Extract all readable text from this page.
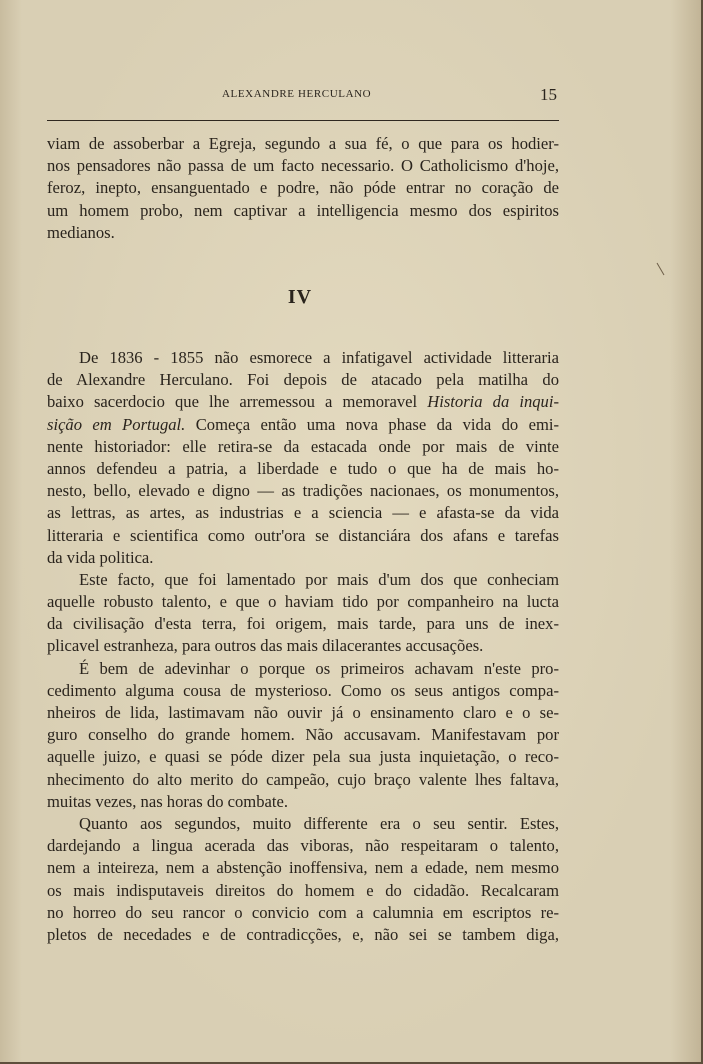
ALEXANDRE HERCULANO	15
viam de assoberbar a Egreja, segundo a sua fé, o que para os hodier-
nos pensadores não passa de um facto necessario. O Catholicismo d'hoje,
feroz, inepto, ensanguentado e podre, não póde entrar no coração de
um homem probo, nem captivar a intelligencia mesmo dos espiritos
medianos.
IV
De 1836 - 1855 não esmorece a infatigavel actividade litteraria
de Alexandre Herculano. Foi depois de atacado pela matilha do
baixo sacerdocio que lhe arremessou a memoravel Historia da inqui-
sição em Portugal. Começa então uma nova phase da vida do emi-
nente historiador: elle retira-se da estacada onde por mais de vinte
annos defendeu a patria, a liberdade e tudo o que ha de mais ho-
nesto, bello, elevado e digno — as tradições nacionaes, os monumentos,
as lettras, as artes, as industrias e a sciencia — e afasta-se da vida
litteraria e scientifica como outr'ora se distanciára dos afans e tarefas
da vida politica.
Este facto, que foi lamentado por mais d'um dos que conheciam
aquelle robusto talento, e que o haviam tido por companheiro na lucta
da civilisação d'esta terra, foi origem, mais tarde, para uns de inex-
plicavel estranheza, para outros das mais dilacerantes accusações.
É bem de adevinhar o porque os primeiros achavam n'este pro-
cedimento alguma cousa de mysterioso. Como os seus antigos compa-
nheiros de lida, lastimavam não ouvir já o ensinamento claro e o se-
guro conselho do grande homem. Não accusavam. Manifestavam por
aquelle juizo, e quasi se póde dizer pela sua justa inquietação, o reco-
nhecimento do alto merito do campeão, cujo braço valente lhes faltava,
muitas vezes, nas horas do combate.
Quanto aos segundos, muito differente era o seu sentir. Estes,
dardejando a lingua acerada das viboras, não respeitaram o talento,
nem a inteireza, nem a abstenção inoffensiva, nem a edade, nem mesmo
os mais indisputaveis direitos do homem e do cidadão. Recalcaram
no horreo do seu rancor o convicio com a calumnia em escriptos re-
pletos de necedades e de contradicções, e, não sei se tambem diga,
